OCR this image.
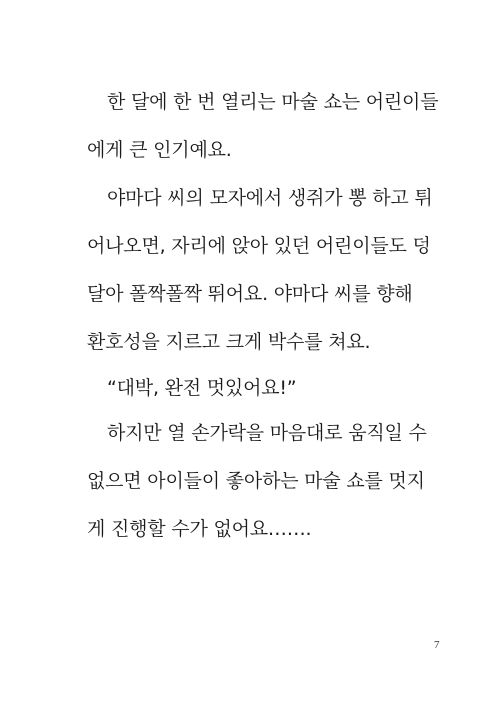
한 달에 한 번 열리는 마술 쇼는 어린이들
에게 큰 인기예요.
야마다 씨의 모자에서 생쥐가 뽕 하고 튀
어나오면, 자리에 앉아 있던 어린이들도 덩
달아 폴짝폴짝 뛰어요. 야마다 씨를 향해
환호성을 지르고 크게 박수를 쳐요.
“대박, 완전 멋있어요!”
하지만 열 손가락을 마음대로 움직일 수
없으면 아이들이 좋아하는 마술 쇼를 멋지
게 진행할 수가 없어요…….
7
